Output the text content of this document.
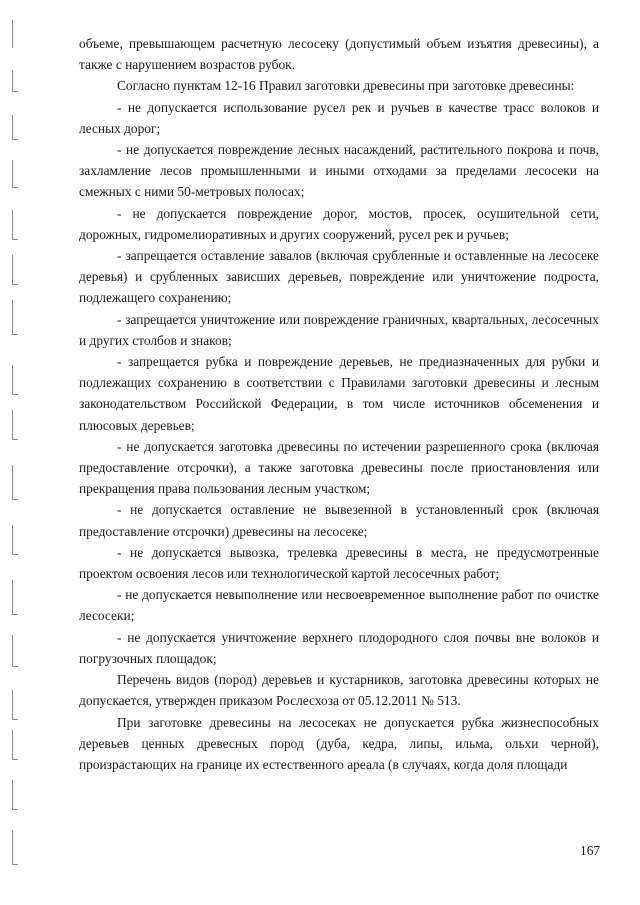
объеме, превышающем расчетную лесосеку (допустимый объем изъятия древесины), а также с нарушением возрастов рубок.

Согласно пунктам 12-16 Правил заготовки древесины при заготовке древесины:

- не допускается использование русел рек и ручьев в качестве трасс волоков и лесных дорог;

- не допускается повреждение лесных насаждений, растительного покрова и почв, захламление лесов промышленными и иными отходами за пределами лесосеки на смежных с ними 50-метровых полосах;

- не допускается повреждение дорог, мостов, просек, осушительной сети, дорожных, гидромелиоративных и других сооружений, русел рек и ручьев;

- запрещается оставление завалов (включая срубленные и оставленные на лесосеке деревья) и срубленных зависших деревьев, повреждение или уничтожение подроста, подлежащего сохранению;

- запрещается уничтожение или повреждение граничных, квартальных, лесосечных и других столбов и знаков;

- запрещается рубка и повреждение деревьев, не предназначенных для рубки и подлежащих сохранению в соответствии с Правилами заготовки древесины и лесным законодательством Российской Федерации, в том числе источников обсеменения и плюсовых деревьев;

- не допускается заготовка древесины по истечении разрешенного срока (включая предоставление отсрочки), а также заготовка древесины после приостановления или прекращения права пользования лесным участком;

- не допускается оставление не вывезенной в установленный срок (включая предоставление отсрочки) древесины на лесосеке;

- не допускается вывозка, трелевка древесины в места, не предусмотренные проектом освоения лесов или технологической картой лесосечных работ;

- не допускается невыполнение или несвоевременное выполнение работ по очистке лесосеки;

- не допускается уничтожение верхнего плодородного слоя почвы вне волоков и погрузочных площадок;

Перечень видов (пород) деревьев и кустарников, заготовка древесины которых не допускается, утвержден приказом Рослесхоза от 05.12.2011 № 513.

При заготовке древесины на лесосеках не допускается рубка жизнеспособных деревьев ценных древесных пород (дуба, кедра, липы, ильма, ольхи черной), произрастающих на границе их естественного ареала (в случаях, когда доля площади

167
